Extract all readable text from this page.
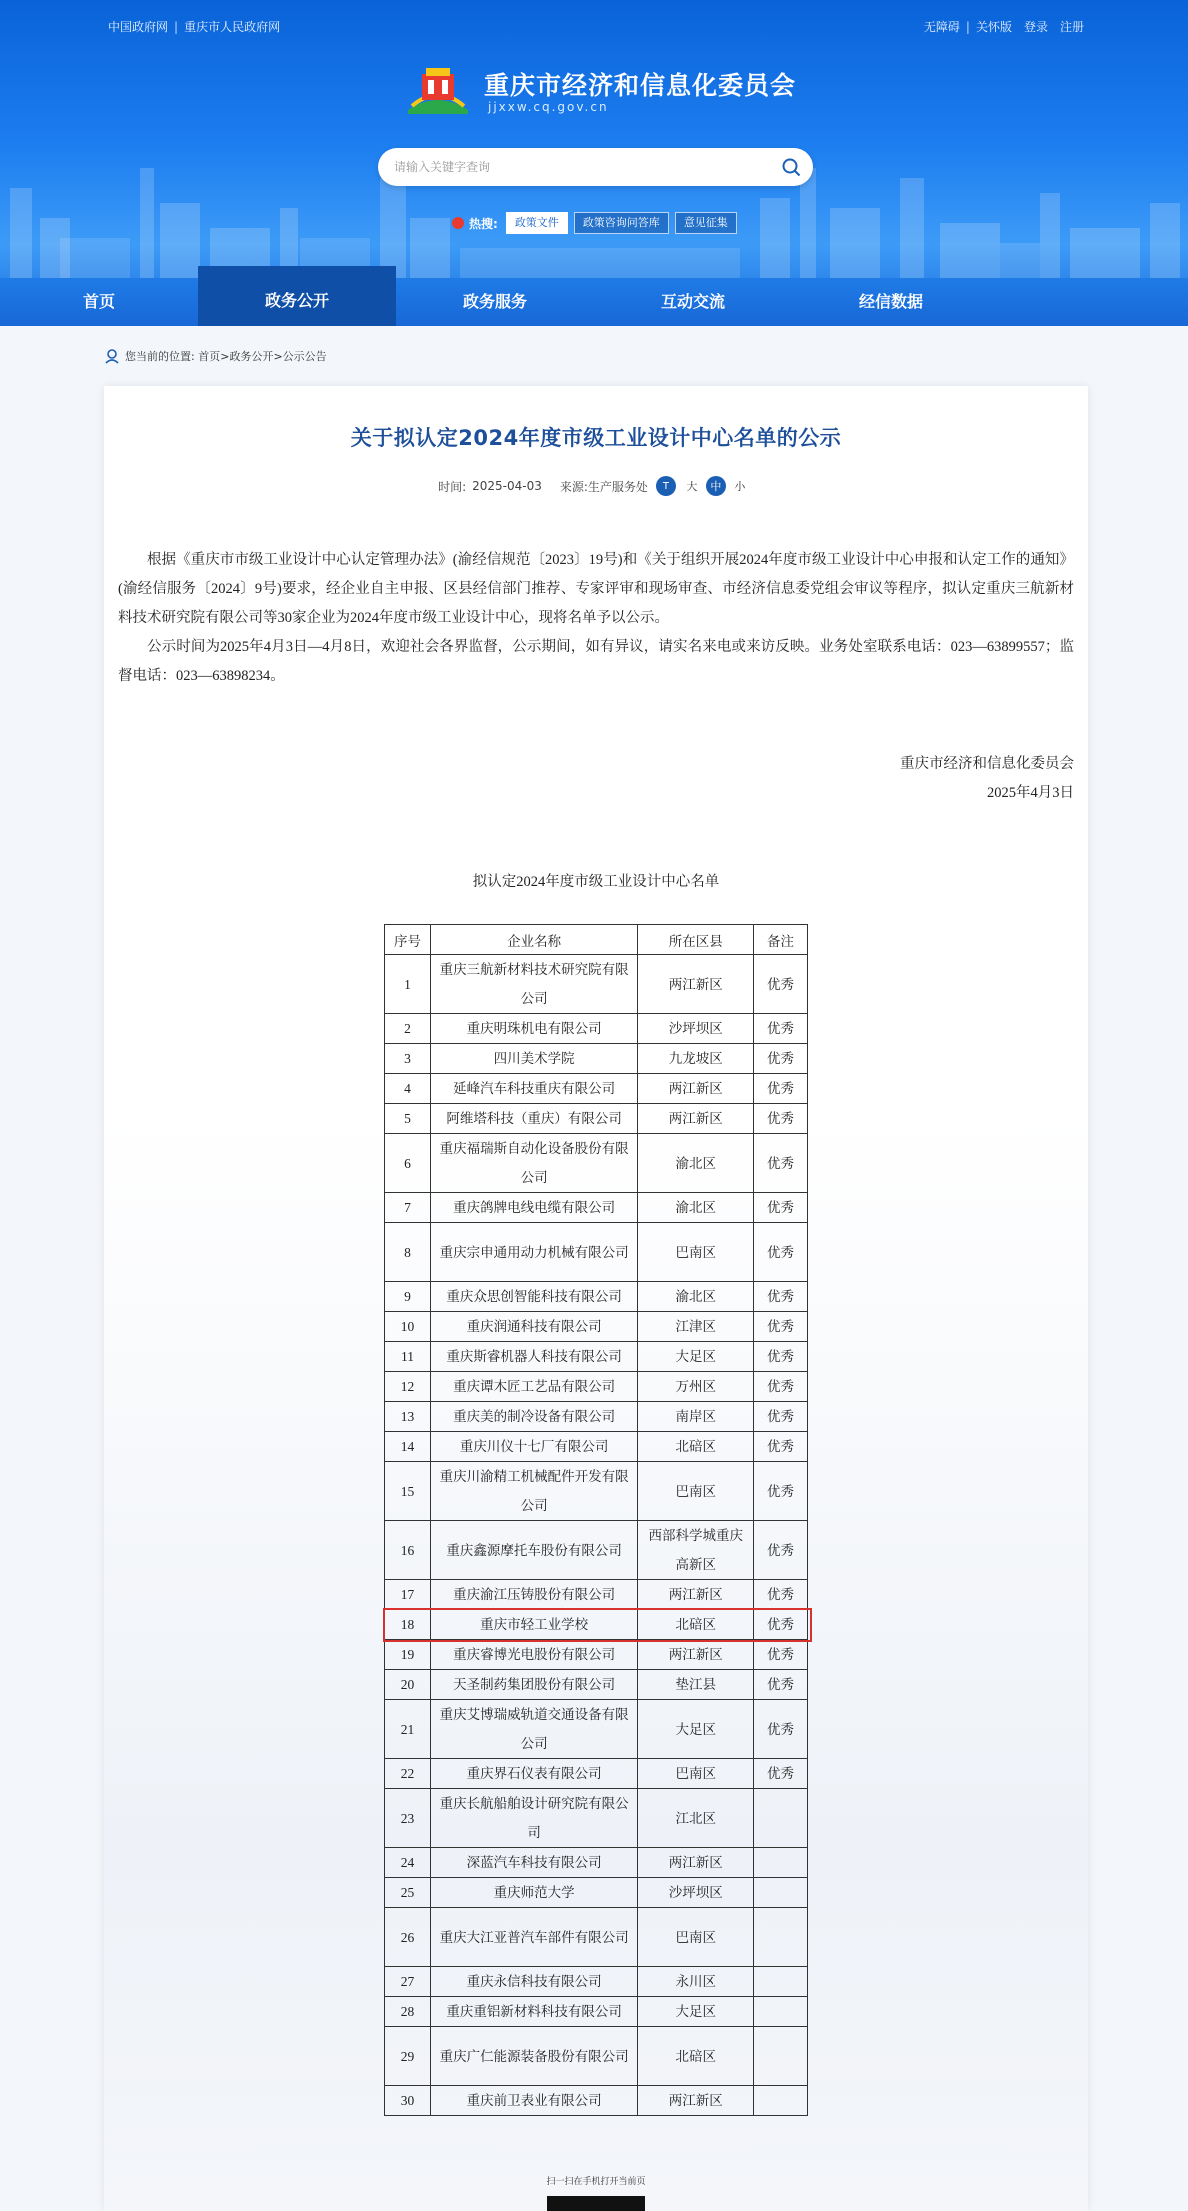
中国政府网 | 重庆市人民政府网	无障碍 | 关怀版 登录 注册
重庆市经济和信息化委员会
jjxxw.cq.gov.cn
请输入关键字查询
热搜:	政策文件	政策咨询问答库	意见征集
首页	政务公开	政务服务	互动交流	经信数据
您当前的位置:
首页 > 政务公开 > 公示公告
关于拟认定2024年度市级工业设计中心名单的公示
时间: 2025-04-03 来源: 生产服务处	T	大	中	小

根据《重庆市市级工业设计中心认定管理办法》(渝经信规范〔2023〕19号)和《关于组织开展2024年度市级工业设计中心申报和认定工作的通知》(渝经信服务〔2024〕9号)要求，经企业自主申报、区县经信部门推荐、专家评审和现场审查、市经济信息委党组会审议等程序，拟认定重庆三航新材料技术研究院有限公司等30家企业为2024年度市级工业设计中心，现将名单予以公示。

公示时间为2025年4月3日—4月8日，欢迎社会各界监督，公示期间，如有异议，请实名来电或来访反映。业务处室联系电话：023—63899557；监督电话：023—63898234。

重庆市经济和信息化委员会
2025年4月3日
拟认定2024年度市级工业设计中心名单
序号	企业名称	所在区县	备注
1	重庆三航新材料技术研究院有限公司	两江新区	优秀
2	重庆明珠机电有限公司	沙坪坝区	优秀
3	四川美术学院	九龙坡区	优秀
4	延峰汽车科技重庆有限公司	两江新区	优秀
5	阿维塔科技（重庆）有限公司	两江新区	优秀
6	重庆福瑞斯自动化设备股份有限公司	渝北区	优秀
7	重庆鸽牌电线电缆有限公司	渝北区	优秀
8	重庆宗申通用动力机械有限公司	巴南区	优秀
9	重庆众思创智能科技有限公司	渝北区	优秀
10	重庆润通科技有限公司	江津区	优秀
11	重庆斯睿机器人科技有限公司	大足区	优秀
12	重庆谭木匠工艺品有限公司	万州区	优秀
13	重庆美的制冷设备有限公司	南岸区	优秀
14	重庆川仪十七厂有限公司	北碚区	优秀
15	重庆川渝精工机械配件开发有限公司	巴南区	优秀
16	重庆鑫源摩托车股份有限公司	西部科学城重庆高新区	优秀
17	重庆渝江压铸股份有限公司	两江新区	优秀
18	重庆市轻工业学校	北碚区	优秀
19	重庆睿博光电股份有限公司	两江新区	优秀
20	天圣制药集团股份有限公司	垫江县	优秀
21	重庆艾博瑞威轨道交通设备有限公司	大足区	优秀
22	重庆界石仪表有限公司	巴南区	优秀
23	重庆长航船舶设计研究院有限公司	江北区	
24	深蓝汽车科技有限公司	两江新区	
25	重庆师范大学	沙坪坝区	
26	重庆大江亚普汽车部件有限公司	巴南区	
27	重庆永信科技有限公司	永川区	
28	重庆重铝新材料科技有限公司	大足区	
29	重庆广仁能源装备股份有限公司	北碚区	
30	重庆前卫表业有限公司	两江新区	
扫一扫在手机打开当前页
